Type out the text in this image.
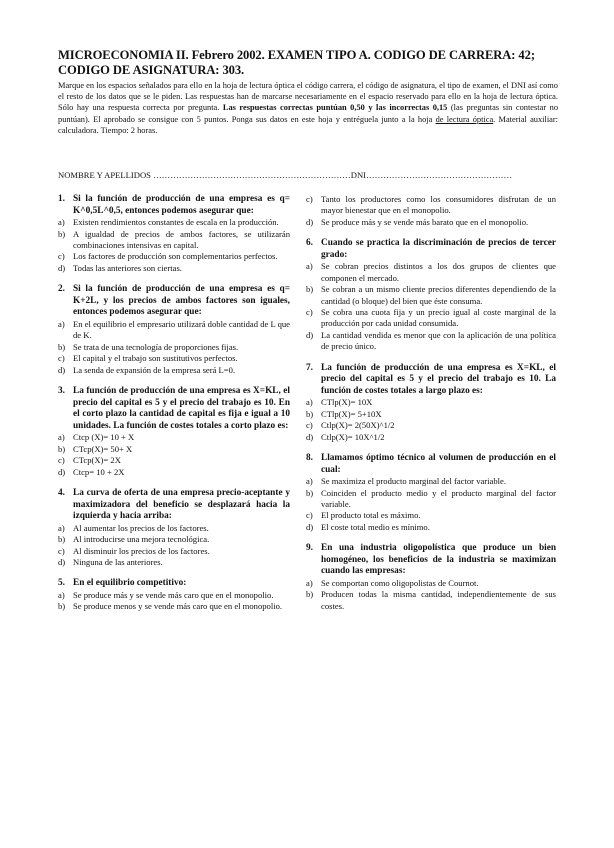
MICROECONOMIA II. Febrero 2002. EXAMEN TIPO A. CODIGO DE CARRERA: 42; CODIGO DE ASIGNATURA: 303.

Marque en los espacios señalados para ello en la hoja de lectura óptica el código carrera, el código de asignatura, el tipo de examen, el DNI así como el resto de los datos que se le piden. Las respuestas han de marcarse necesariamente en el espacio reservado para ello en la hoja de lectura óptica. Sólo hay una respuesta correcta por pregunta. Las respuestas correctas puntúan 0,50 y las incorrectas 0,15 (las preguntas sin contestar no puntúan). El aprobado se consigue con 5 puntos. Ponga sus datos en este hoja y entréguela junto a la hoja de lectura óptica. Material auxiliar: calculadora. Tiempo: 2 horas.

NOMBRE Y APELLIDOS ……………………………………………………………DNI……………………………………………
1. Si la función de producción de una empresa es q= K^0,5L^0,5, entonces podemos asegurar que:
a) Existen rendimientos constantes de escala en la producción.
b) A igualdad de precios de ambos factores, se utilizarán combinaciones intensivas en capital.
c) Los factores de producción son complementarios perfectos.
d) Todas las anteriores son ciertas.
2. Si la función de producción de una empresa es q= K+2L, y los precios de ambos factores son iguales, entonces podemos asegurar que:
a) En el equilibrio el empresario utilizará doble cantidad de L que de K.
b) Se trata de una tecnología de proporciones fijas.
c) El capital y el trabajo son sustitutivos perfectos.
d) La senda de expansión de la empresa será L=0.
3. La función de producción de una empresa es X=KL, el precio del capital es 5 y el precio del trabajo es 10. En el corto plazo la cantidad de capital es fija e igual a 10 unidades. La función de costes totales a corto plazo es:
a) Ctcp (X)= 10 + X
b) CTcp(X)= 50+ X
c) CTcp(X)= 2X
d) Ctcp= 10 + 2X
4. La curva de oferta de una empresa precio-aceptante y maximizadora del beneficio se desplazará hacia la izquierda y hacia arriba:
a) Al aumentar los precios de los factores.
b) Al introducirse una mejora tecnológica.
c) Al disminuir los precios de los factores.
d) Ninguna de las anteriores.
5. En el equilibrio competitivo:
a) Se produce más y se vende más caro que en el monopolio.
b) Se produce menos y se vende más caro que en el monopolio.
c) Tanto los productores como los consumidores disfrutan de un mayor bienestar que en el monopolio.
d) Se produce más y se vende más barato que en el monopolio.
6. Cuando se practica la discriminación de precios de tercer grado:
a) Se cobran precios distintos a los dos grupos de clientes que componen el mercado.
b) Se cobran a un mismo cliente precios diferentes dependiendo de la cantidad (o bloque) del bien que éste consuma.
c) Se cobra una cuota fija y un precio igual al coste marginal de la producción por cada unidad consumida.
d) La cantidad vendida es menor que con la aplicación de una política de precio único.
7. La función de producción de una empresa es X=KL, el precio del capital es 5 y el precio del trabajo es 10. La función de costes totales a largo plazo es:
a) CTlp(X)= 10X
b) CTlp(X)= 5+10X
c) Ctlp(X)= 2(50X)^1/2
d) Ctlp(X)= 10X^1/2
8. Llamamos óptimo técnico al volumen de producción en el cual:
a) Se maximiza el producto marginal del factor variable.
b) Coinciden el producto medio y el producto marginal del factor variable.
c) El producto total es máximo.
d) El coste total medio es mínimo.
9. En una industria oligopolística que produce un bien homogéneo, los beneficios de la industria se maximizan cuando las empresas:
a) Se comportan como oligopolistas de Cournot.
b) Producen todas la misma cantidad, independientemente de sus costes.
